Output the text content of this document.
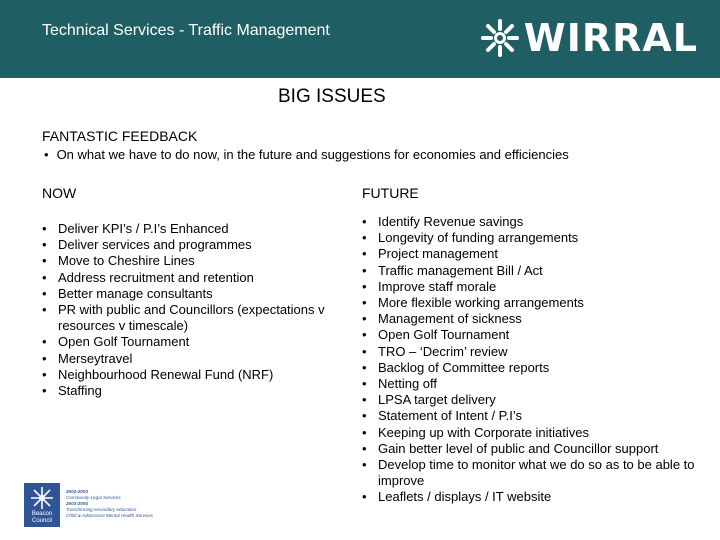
Technical Services - Traffic Management	WIRRAL
BIG ISSUES
FANTASTIC FEEDBACK
• On what we have to do now, in the future and suggestions for economies and efficiencies
NOW	FUTURE
• Deliver KPI’s / P.I’s Enhanced
• Deliver services and programmes
• Move to Cheshire Lines
• Address recruitment and retention
• Better manage consultants
• PR with public and Councillors (expectations v resources v timescale)
• Open Golf Tournament
• Merseytravel
• Neighbourhood Renewal Fund (NRF)
• Staffing
• Identify Revenue savings
• Longevity of funding arrangements
• Project management
• Traffic management Bill / Act
• Improve staff morale
• More flexible working arrangements
• Management of sickness
• Open Golf Tournament
• TRO – ‘Decrim’ review
• Backlog of Committee reports
• Netting off
• LPSA target delivery
• Statement of Intent / P.I’s
• Keeping up with Corporate initiatives
• Gain better level of public and Councillor support
• Develop time to monitor what we do so as to be able to improve
• Leaflets / displays / IT website
Beacon
Council
2002-2003
Community Legal Services
2003-2004
Transforming secondary education
Child & Adolescent Mental Health Services
